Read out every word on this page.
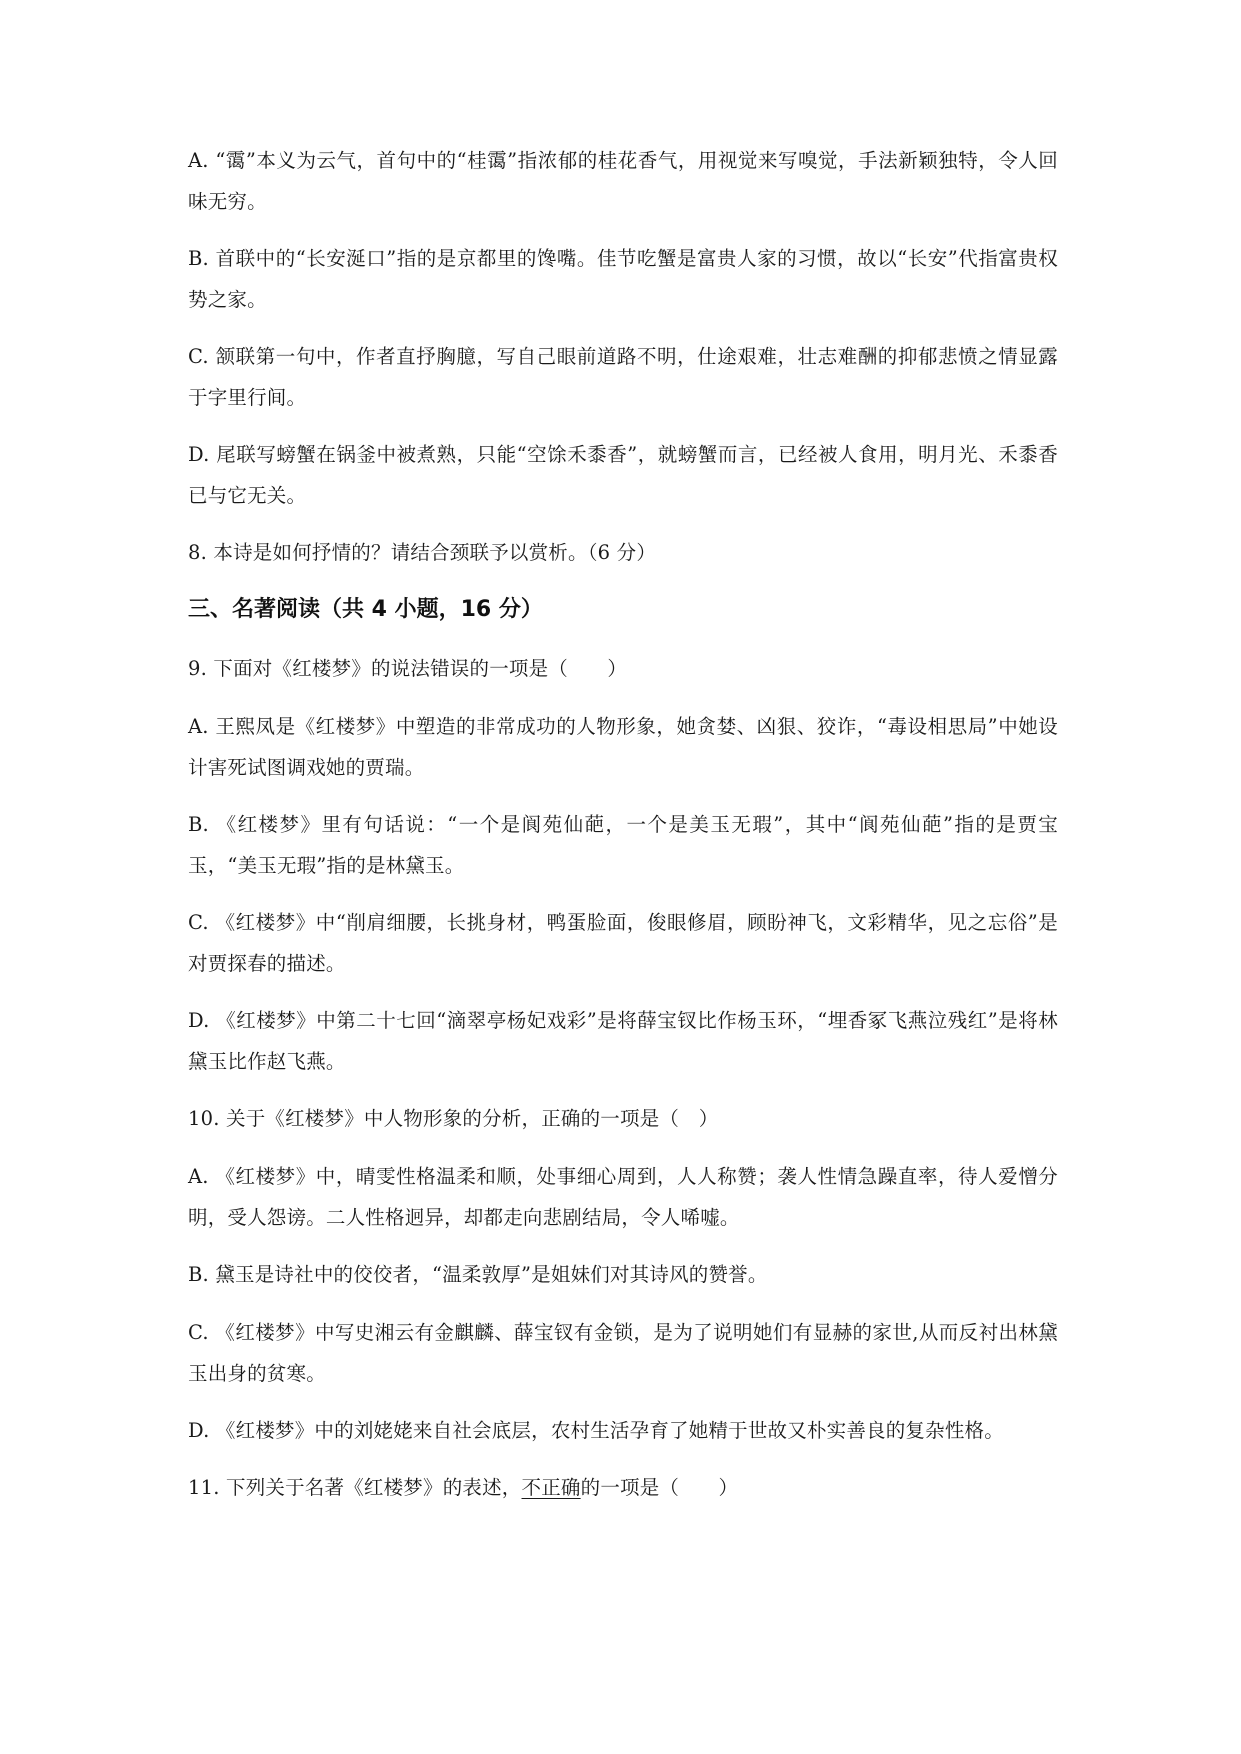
A. “霭”本义为云气，首句中的“桂霭”指浓郁的桂花香气，用视觉来写嗅觉，手法新颖独特，令人回味无穷。
B. 首联中的“长安涎口”指的是京都里的馋嘴。佳节吃蟹是富贵人家的习惯，故以“长安”代指富贵权势之家。
C. 颔联第一句中，作者直抒胸臆，写自己眼前道路不明，仕途艰难，壮志难酬的抑郁悲愤之情显露于字里行间。
D. 尾联写螃蟹在锅釜中被煮熟，只能“空馀禾黍香”，就螃蟹而言，已经被人食用，明月光、禾黍香已与它无关。
8. 本诗是如何抒情的？请结合颈联予以赏析。（6 分）
三、名著阅读（共 4 小题，16 分）
9. 下面对《红楼梦》的说法错误的一项是（　　）
A. 王熙凤是《红楼梦》中塑造的非常成功的人物形象，她贪婪、凶狠、狡诈，“毒设相思局”中她设计害死试图调戏她的贾瑞。
B. 《红楼梦》里有句话说：“一个是阆苑仙葩，一个是美玉无瑕”，其中“阆苑仙葩”指的是贾宝玉，“美玉无瑕”指的是林黛玉。
C. 《红楼梦》中“削肩细腰，长挑身材，鸭蛋脸面，俊眼修眉，顾盼神飞，文彩精华，见之忘俗”是对贾探春的描述。
D. 《红楼梦》中第二十七回“滴翠亭杨妃戏彩”是将薛宝钗比作杨玉环，“埋香冢飞燕泣残红”是将林黛玉比作赵飞燕。
10. 关于《红楼梦》中人物形象的分析，正确的一项是（　）
A. 《红楼梦》中，晴雯性格温柔和顺，处事细心周到，人人称赞；袭人性情急躁直率，待人爱憎分明，受人怨谤。二人性格迥异，却都走向悲剧结局，令人唏嘘。
B. 黛玉是诗社中的佼佼者，“温柔敦厚”是姐妹们对其诗风的赞誉。
C. 《红楼梦》中写史湘云有金麒麟、薛宝钗有金锁，是为了说明她们有显赫的家世,从而反衬出林黛玉出身的贫寒。
D. 《红楼梦》中的刘姥姥来自社会底层，农村生活孕育了她精于世故又朴实善良的复杂性格。
11. 下列关于名著《红楼梦》的表述，不正确的一项是（　　）
